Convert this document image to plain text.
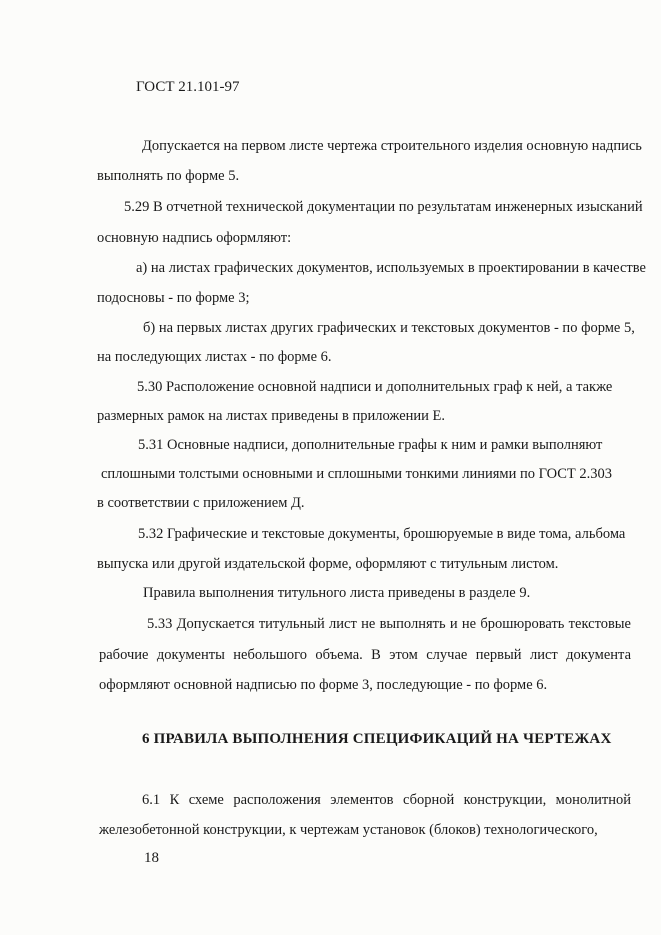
ГОСТ 21.101-97
Допускается на первом листе чертежа строительного изделия основную надпись
выполнять по форме 5.
5.29 В отчетной технической документации по результатам инженерных изысканий
основную надпись оформляют:
а) на листах графических документов, используемых в проектировании в качестве
подосновы - по форме 3;
б) на первых листах других графических и текстовых документов - по форме 5,
на последующих листах - по форме 6.
5.30 Расположение основной надписи и дополнительных граф к ней, а также
размерных рамок на листах приведены в приложении Е.
5.31 Основные надписи, дополнительные графы к ним и рамки выполняют
сплошными толстыми основными и сплошными тонкими линиями по ГОСТ 2.303
в соответствии с приложением Д.
5.32 Графические и текстовые документы, брошюруемые в виде тома, альбома
выпуска или другой издательской форме, оформляют с титульным листом.
Правила выполнения титульного листа приведены в разделе 9.
5.33 Допускается титульный лист не выполнять и не брошюровать текстовые
рабочие документы небольшого объема. В этом случае первый лист документа
оформляют основной надписью по форме 3, последующие - по форме 6.
6 ПРАВИЛА ВЫПОЛНЕНИЯ СПЕЦИФИКАЦИЙ НА ЧЕРТЕЖАХ
6.1 К схеме расположения элементов сборной конструкции, монолитной
железобетонной конструкции, к чертежам установок (блоков) технологического,
18
